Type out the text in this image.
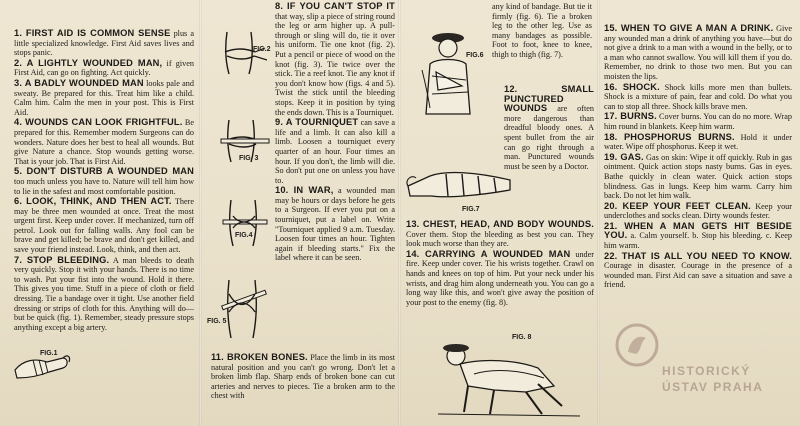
1. FIRST AID IS COMMON SENSE plus a little specialized knowledge. First Aid saves lives and stops panic.

2. A LIGHTLY WOUNDED MAN, if given First Aid, can go on fighting. Act quickly.

3. A BADLY WOUNDED MAN looks pale and sweaty. Be prepared for this. Treat him like a child. Calm him. Calm the men in your post. This is First Aid.

4. WOUNDS CAN LOOK FRIGHTFUL. Be prepared for this. Remember modern Surgeons can do wonders. Nature does her best to heal all wounds. But give Nature a chance. Stop wounds getting worse. That is your job. That is First Aid.

5. DON'T DISTURB A WOUNDED MAN too much unless you have to. Nature will tell him how to lie in the safest and most comfortable position.

6. LOOK, THINK, AND THEN ACT. There may be three men wounded at once. Treat the most urgent first. Keep under cover. If mechanized, turn off petrol. Look out for falling walls. Any fool can be brave and get killed; be brave and don't get killed, and save your friend instead. Look, think, and then act.

7. STOP BLEEDING. A man bleeds to death very quickly. Stop it with your hands. There is no time to wash. Put your fist into the wound. Hold it there. This gives you time. Stuff in a piece of cloth or field dressing. Tie a bandage over it tight. Use another field dressing or strips of cloth for this. Anything will do—but be quick (fig. 1). Remember, steady pressure stops anything except a big artery.

FIG.1
FIG.2
FIG. 3
FIG.4
FIG. 5

8. IF YOU CAN'T STOP IT that way, slip a piece of string round the leg or arm higher up. A pull-through or sling will do, tie it over his uniform. Tie one knot (fig. 2). Put a pencil or piece of wood on the knot (fig. 3). Tie twice over the stick. Tie a reef knot. Tie any knot if you don't know how (figs. 4 and 5). Twist the stick until the bleeding stops. Keep it in position by tying the ends down. This is a Tourniquet.

9. A TOURNIQUET can save a life and a limb. It can also kill a limb. Loosen a tourniquet every quarter of an hour. Four times an hour. If you don't, the limb will die. So don't put one on unless you have to.

10. IN WAR, a wounded man may be hours or days before he gets to a Surgeon. If ever you put on a tourniquet, put a label on. Write "Tourniquet applied 9 a.m. Tuesday. Loosen four times an hour. Tighten again if bleeding starts." Fix the label where it can be seen.

11. BROKEN BONES. Place the limb in its most natural position and you can't go wrong. Don't let a broken limb flap. Sharp ends of broken bone can cut arteries and nerves to pieces. Tie a broken arm to the chest with

FIG.6
FIG.7

any kind of bandage. But tie it firmly (fig. 6). Tie a broken leg to the other leg. Use as many bandages as possible. Foot to foot, knee to knee, thigh to thigh (fig. 7).

12. SMALL PUNCTURED WOUNDS are often more dangerous than dreadful bloody ones. A spent bullet from the air can go right through a man. Punctured wounds must be seen by a Doctor.

13. CHEST, HEAD, AND BODY WOUNDS. Cover them. Stop the bleeding as best you can. They look much worse than they are.

14. CARRYING A WOUNDED MAN under fire. Keep under cover. Tie his wrists together. Crawl on hands and knees on top of him. Put your neck under his wrists, and drag him along underneath you. You can go a long way like this, and won't give away the position of your post to the enemy (fig. 8).

FIG. 8

15. WHEN TO GIVE A MAN A DRINK. Give any wounded man a drink of anything you have—but do not give a drink to a man with a wound in the belly, or to a man who cannot swallow. You will kill them if you do. Remember, no drink to those two men. But you can moisten the lips.

16. SHOCK. Shock kills more men than bullets. Shock is a mixture of pain, fear and cold. Do what you can to stop all three. Shock kills brave men.

17. BURNS. Cover burns. You can do no more. Wrap him round in blankets. Keep him warm.

18. PHOSPHORUS BURNS. Hold it under water. Wipe off phosphorus. Keep it wet.

19. GAS. Gas on skin: Wipe it off quickly. Rub in gas ointment. Quick action stops nasty burns. Gas in eyes. Bathe quickly in clean water. Quick action stops blindness. Gas in lungs. Keep him warm. Carry him back. Do not let him walk.

20. KEEP YOUR FEET CLEAN. Keep your underclothes and socks clean. Dirty wounds fester.

21. WHEN A MAN GETS HIT BESIDE YOU. a. Calm yourself. b. Stop his bleeding. c. Keep him warm.

22. THAT IS ALL YOU NEED TO KNOW. Courage in disaster. Courage in the presence of a wounded man. First Aid can save a situation and save a friend.

HISTORICKÝ
ÚSTAV PRAHA
